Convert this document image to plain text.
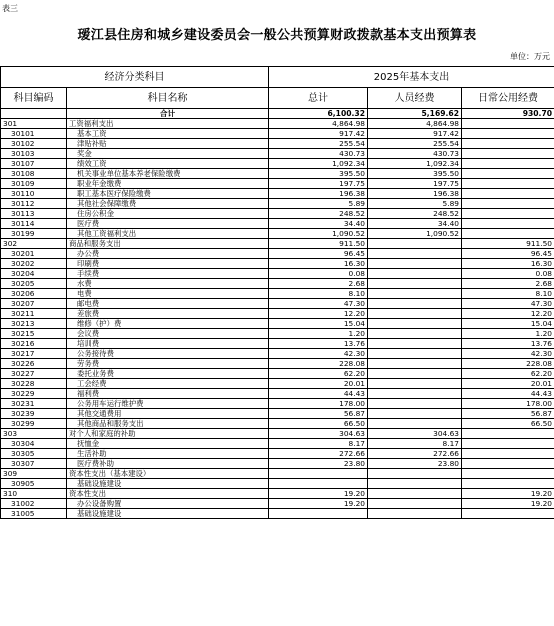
表三
瑷江县住房和城乡建设委员会一般公共预算财政拨款基本支出预算表
单位：万元
经济分类科目		2025年基本支出		
科目编码	科目名称	总计	人员经费	日常公用经费
	合计	6,100.32	5,169.62	930.70
301	工资福利支出	4,864.98	4,864.98	
30101	基本工资	917.42	917.42	
30102	津贴补贴	255.54	255.54	
30103	奖金	430.73	430.73	
30107	绩效工资	1,092.34	1,092.34	
30108	机关事业单位基本养老保险缴费	395.50	395.50	
30109	职业年金缴费	197.75	197.75	
30110	职工基本医疗保险缴费	196.38	196.38	
30112	其他社会保障缴费	5.89	5.89	
30113	住房公积金	248.52	248.52	
30114	医疗费	34.40	34.40	
30199	其他工资福利支出	1,090.52	1,090.52	
302	商品和服务支出	911.50		911.50
30201	办公费	96.45		96.45
30202	印刷费	16.30		16.30
30204	手续费	0.08		0.08
30205	水费	2.68		2.68
30206	电费	8.10		8.10
30207	邮电费	47.30		47.30
30211	差旅费	12.20		12.20
30213	维修（护）费	15.04		15.04
30215	会议费	1.20		1.20
30216	培训费	13.76		13.76
30217	公务接待费	42.30		42.30
30226	劳务费	228.08		228.08
30227	委托业务费	62.20		62.20
30228	工会经费	20.01		20.01
30229	福利费	44.43		44.43
30231	公务用车运行维护费	178.00		178.00
30239	其他交通费用	56.87		56.87
30299	其他商品和服务支出	66.50		66.50
303	对个人和家庭的补助	304.63	304.63	
30304	抚恤金	8.17	8.17	
30305	生活补助	272.66	272.66	
30307	医疗费补助	23.80	23.80	
309	资本性支出（基本建设）			
30905	基础设施建设			
310	资本性支出	19.20		19.20
31002	办公设备购置	19.20		19.20
31005	基础设施建设			
